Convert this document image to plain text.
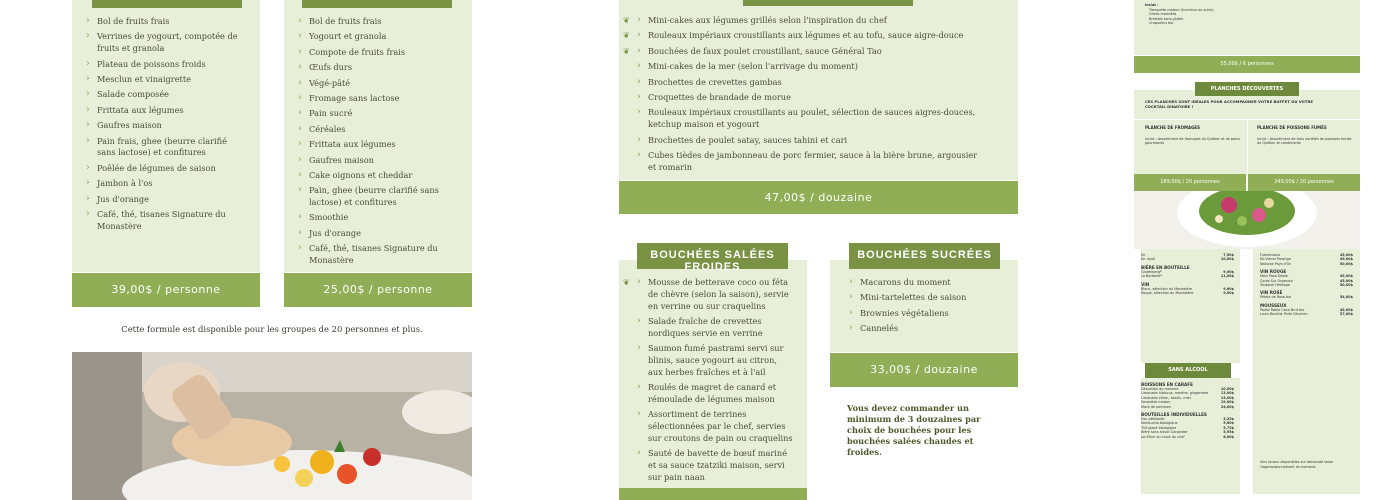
› Bol de fruits frais
› Verrines de yogourt, compotée de fruits et granola
› Plateau de poissons froids
› Mesclun et vinaigrette
› Salade composée
› Frittata aux légumes
› Gaufres maison
› Pain frais, ghee (beurre clarifié sans lactose) et confitures
› Poêlée de légumes de saison
› Jambon à l'os
› Jus d'orange
› Café, thé, tisanes Signature du Monastère
39,00$ / personne
› Bol de fruits frais
› Yogourt et granola
› Compote de fruits frais
› Œufs durs
› Végé-pâté
› Fromage sans lactose
› Pain sucré
› Céréales
› Frittata aux légumes
› Gaufres maison
› Cake oignons et cheddar
› Pain, ghee (beurre clarifié sans lactose) et confitures
› Smoothie
› Jus d'orange
› Café, thé, tisanes Signature du Monastère
25,00$ / personne
Cette formule est disponible pour les groupes de 20 personnes et plus.
› Mini-cakes aux légumes grillés selon l'inspiration du chef ❦
› Rouleaux impériaux croustillants aux légumes et au tofu, sauce aigre-douce ❦
› Bouchées de faux poulet croustillant, sauce Général Tao ❦
› Mini-cakes de la mer (selon l'arrivage du moment)
› Brochettes de crevettes gambas
› Croquettes de brandade de morue
› Rouleaux impériaux croustillants au poulet, sélection de sauces aigres-douces, ketchup maison et yogourt
› Brochettes de poulet satay, sauces tahini et cari
› Cubes tièdes de jambonneau de porc fermier, sauce à la bière brune, argousier et romarin
47,00$ / douzaine
BOUCHÉES SALÉES FROIDES
› Mousse de betterave coco ou féta de chèvre (selon la saison), servie en verrine ou sur craquelins ❦
› Salade fraîche de crevettes nordiques servie en verrine
› Saumon fumé pastrami servi sur blinis, sauce yogourt au citron, aux herbes fraîches et à l'ail
› Roulés de magret de canard et rémoulade de légumes maison
› Assortiment de terrines sélectionnées par le chef, servies sur croutons de pain ou craquelins
› Sauté de bavette de bœuf mariné et sa sauce tzatziki maison, servi sur pain naan
BOUCHÉES SUCRÉES
› Macarons du moment
› Mini-tartelettes de saison
› Brownies végétaliens
› Cannelés
33,00$ / douzaine
Vous devez commander un minimum de 3 douzaines par choix de bouchées pour les bouchées salées chaudes et froides.
Inclut :
Trempette maison (hummus ou autre)
Olives marinées
Bretzels sans gluten
Craquelins bio
55,00$ / 6 personnes
PLANCHES DÉCOUVERTES
CES PLANCHES SONT IDÉALES POUR ACCOMPAGNER VOTRE BUFFET OU VOTRE COCKTAIL DINATOIRE !
PLANCHE DE FROMAGES
Inclut : Assortiment de fromages du Québec et de pains gourmands
PLANCHE DE POISSONS FUMÉS
Inclut : Assortiment de trois variétés de poissons fumés du Québec et condiments
189,00$ / 20 personnes	249,00$ / 20 personnes
Kir	7,50$
Kir royal	10,00$
BIÈRE EN BOUTEILLE
Glutenberg*	9,00$
La Barberie*	11,00$
VIN
Blanc, sélection du Monastère	9,00$
Rouge, sélection du Monastère	9,00$
SANS ALCOOL
BOISSONS EN CARAFE
Décoction du moment	10,00$
Limonade hibiscus, menthe, gingembre	13,00$
Limonade citron, basilic, miel	13,00$
Smoothie maison	19,00$
Mock de pommes	24,00$
BOUTEILLES INDIVIDUELLES
Eau pétillante	3,25$
Kombucha biologique	5,60$
Thé glacé biologique	5,75$
Bière sans alcool Carpenter	5,95$
Jus Élixir au choix du chef	6,00$
Fuentenova	45,00$
Kir-Vianni Parange	45,00$
Naturae Pays d'Oc	50,00$
VIN ROUGE
Mavi Paso Doble	45,00$
Coros Sur Organico	45,00$
Tautavel Héritage	50,00$
VIN ROSÉ
Pétale de Rose bio	54,00$
MOUSSEUX
Pardo Rabla Cava Brut bio	45,00$
Louis Bouillot Perle Dhumen	57,00$
Vins locaux disponibles sur demande selon l'approvisionnement du moment.
